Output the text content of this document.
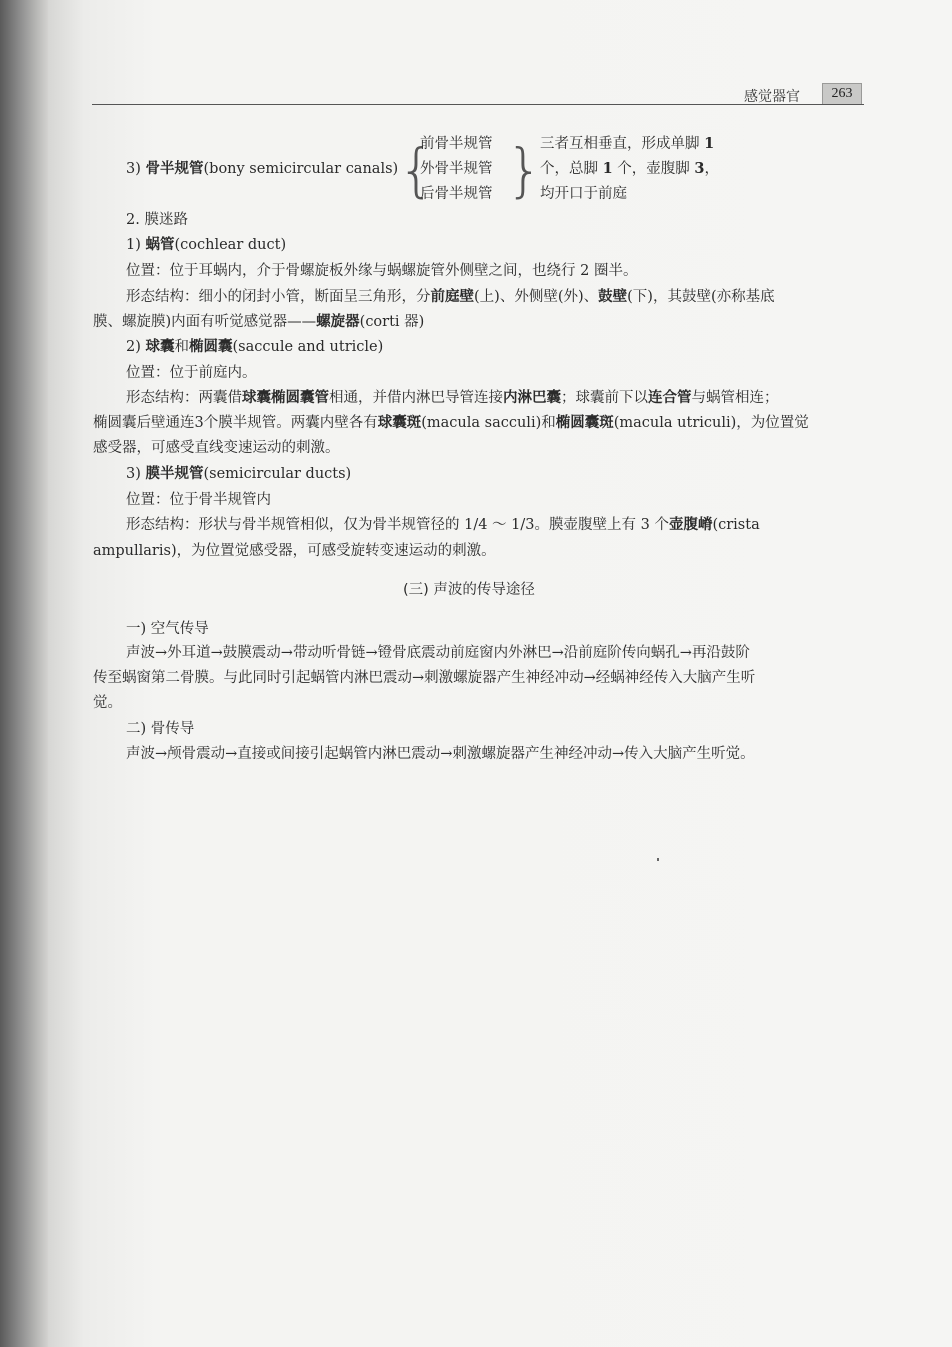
感觉器官	263
3) 骨半规管(bony semicircular canals) {
前骨半规管
外骨半规管
后骨半规管 }
三者互相垂直，形成单脚 1
个，总脚 1 个，壶腹脚 3，
均开口于前庭
2. 膜迷路
1) 蜗管(cochlear duct)
位置：位于耳蜗内，介于骨螺旋板外缘与蜗螺旋管外侧壁之间，也绕行 2 圈半。
形态结构：细小的闭封小管，断面呈三角形，分前庭壁(上)、外侧壁(外)、鼓壁(下)，其鼓壁(亦称基底
膜、螺旋膜)内面有听觉感觉器——螺旋器(corti 器)
2) 球囊和椭圆囊(saccule and utricle)
位置：位于前庭内。
形态结构：两囊借球囊椭圆囊管相通，并借内淋巴导管连接内淋巴囊；球囊前下以连合管与蜗管相连；
椭圆囊后壁通连3个膜半规管。两囊内壁各有球囊斑(macula sacculi)和椭圆囊斑(macula utriculi)，为位置觉
感受器，可感受直线变速运动的刺激。
3) 膜半规管(semicircular ducts)
位置：位于骨半规管内
形态结构：形状与骨半规管相似，仅为骨半规管径的 1/4 ～ 1/3。膜壶腹壁上有 3 个壶腹嵴(crista
ampullaris)，为位置觉感受器，可感受旋转变速运动的刺激。
(三) 声波的传导途径
一) 空气传导
声波→外耳道→鼓膜震动→带动听骨链→镫骨底震动前庭窗内外淋巴→沿前庭阶传向蜗孔→再沿鼓阶
传至蜗窗第二骨膜。与此同时引起蜗管内淋巴震动→刺激螺旋器产生神经冲动→经蜗神经传入大脑产生听
觉。
二) 骨传导
声波→颅骨震动→直接或间接引起蜗管内淋巴震动→刺激螺旋器产生神经冲动→传入大脑产生听觉。
